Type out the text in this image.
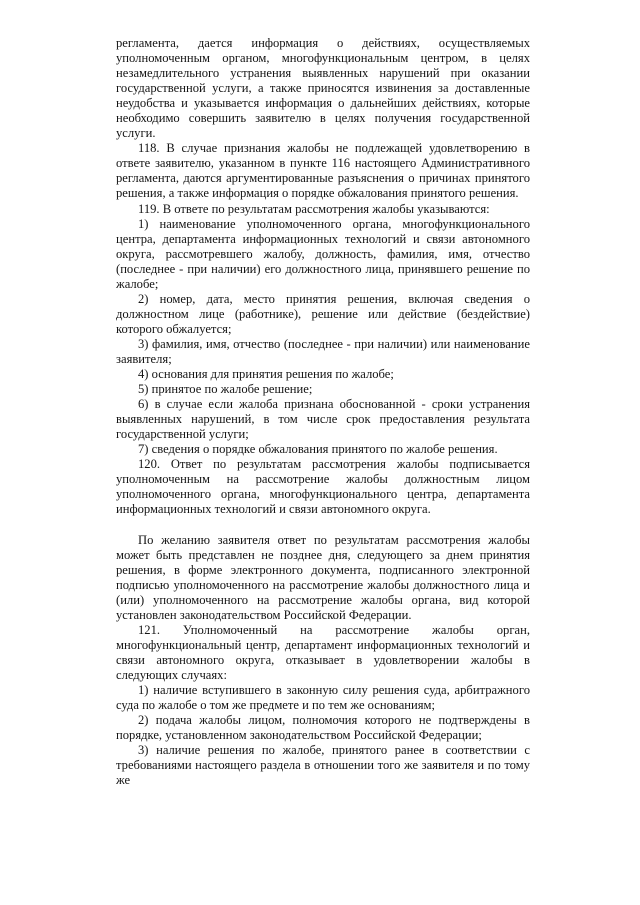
регламента, дается информация о действиях, осуществляемых уполномоченным органом, многофункциональным центром, в целях незамедлительного устранения выявленных нарушений при оказании государственной услуги, а также приносятся извинения за доставленные неудобства и указывается информация о дальнейших действиях, которые необходимо совершить заявителю в целях получения государственной услуги.

118. В случае признания жалобы не подлежащей удовлетворению в ответе заявителю, указанном в пункте 116 настоящего Административного регламента, даются аргументированные разъяснения о причинах принятого решения, а также информация о порядке обжалования принятого решения.

119. В ответе по результатам рассмотрения жалобы указываются:

1) наименование уполномоченного органа, многофункционального центра, департамента информационных технологий и связи автономного округа, рассмотревшего жалобу, должность, фамилия, имя, отчество (последнее - при наличии) его должностного лица, принявшего решение по жалобе;

2) номер, дата, место принятия решения, включая сведения о должностном лице (работнике), решение или действие (бездействие) которого обжалуется;

3) фамилия, имя, отчество (последнее - при наличии) или наименование заявителя;

4) основания для принятия решения по жалобе;

5) принятое по жалобе решение;

6) в случае если жалоба признана обоснованной - сроки устранения выявленных нарушений, в том числе срок предоставления результата государственной услуги;

7) сведения о порядке обжалования принятого по жалобе решения.

120. Ответ по результатам рассмотрения жалобы подписывается уполномоченным на рассмотрение жалобы должностным лицом уполномоченного органа, многофункционального центра, департамента информационных технологий и связи автономного округа.

По желанию заявителя ответ по результатам рассмотрения жалобы может быть представлен не позднее дня, следующего за днем принятия решения, в форме электронного документа, подписанного электронной подписью уполномоченного на рассмотрение жалобы должностного лица и (или) уполномоченного на рассмотрение жалобы органа, вид которой установлен законодательством Российской Федерации.

121. Уполномоченный на рассмотрение жалобы орган, многофункциональный центр, департамент информационных технологий и связи автономного округа, отказывает в удовлетворении жалобы в следующих случаях:

1) наличие вступившего в законную силу решения суда, арбитражного суда по жалобе о том же предмете и по тем же основаниям;

2) подача жалобы лицом, полномочия которого не подтверждены в порядке, установленном законодательством Российской Федерации;

3) наличие решения по жалобе, принятого ранее в соответствии с требованиями настоящего раздела в отношении того же заявителя и по тому же
